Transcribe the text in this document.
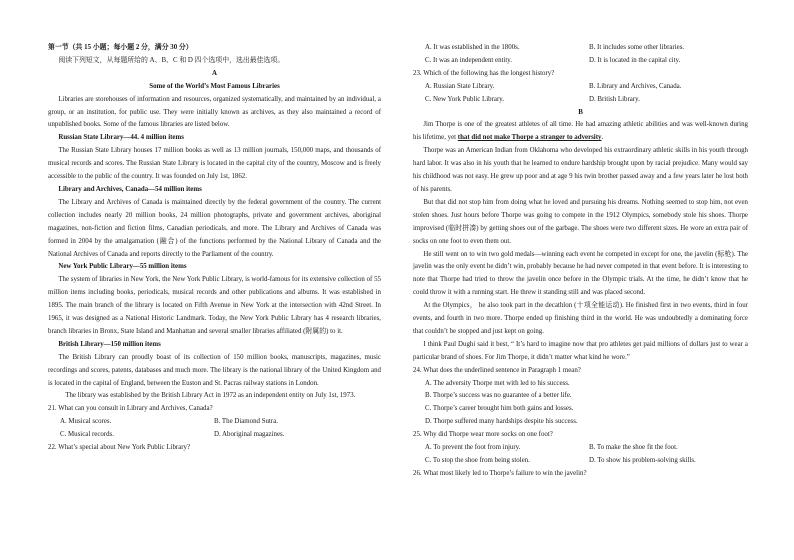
第一节（共 15 小题；每小题 2 分，满分 30 分）

阅读下列短文，从每题所给的 A、B、C 和 D 四个选项中，选出最佳选项。

A

Some of the World’s Most Famous Libraries

Libraries are storehouses of information and resources, organized systematically, and maintained by an individual, a group, or an institution, for public use. They were initially known as archives, as they also maintained a record of unpublished books. Some of the famous libraries are listed below.

Russian State Library—44. 4 million items

The Russian State Library houses 17 million books as well as 13 million journals, 150,000 maps, and thousands of musical records and scores. The Russian State Library is located in the capital city of the country, Moscow and is freely accessible to the public of the country. It was founded on July 1st, 1862.

Library and Archives, Canada—54 million items

The Library and Archives of Canada is maintained directly by the federal government of the country. The current collection includes nearly 20 million books, 24 million photographs, private and government archives, aboriginal magazines, non-fiction and fiction films, Canadian periodicals, and more. The Library and Archives of Canada was formed in 2004 by the amalgamation (融合) of the functions performed by the National Library of Canada and the National Archives of Canada and reports directly to the Parliament of the country.

New York Public Library—55 million items

The system of libraries in New York, the New York Public Library, is world-famous for its extensive collection of 55 million items including books, periodicals, musical records and other publications and albums. It was established in 1895. The main branch of the library is located on Fifth Avenue in New York at the intersection with 42nd Street. In 1965, it was designed as a National Historic Landmark. Today, the New York Public Library has 4 research libraries, branch libraries in Bronx, State Island and Manhattan and several smaller libraries affiliated (附属的) to it.

British Library—150 million items

The British Library can proudly boast of its collection of 150 million books, manuscripts, magazines, music recordings and scores, patents, databases and much more. The library is the national library of the United Kingdom and is located in the capital of England, between the Euston and St. Pacras railway stations in London.

The library was established by the British Library Act in 1972 as an independent entity on July 1st, 1973.

21. What can you consult in Library and Archives, Canada?

A. Musical scores.	B. The Diamond Sutra.
C. Musical records.	D. Aboriginal magazines.

22. What’s special about New York Public Library?

A. It was established in the 1800s.	B. It includes some other libraries.
C. It was an independent entity.	D. It is located in the capital city.

23. Which of the following has the longest history?

A. Russian State Library.	B. Library and Archives, Canada.
C. New York Public Library.	D. British Library.

B

Jim Thorpe is one of the greatest athletes of all time. He had amazing athletic abilities and was well-known during his lifetime, yet that did not make Thorpe a stranger to adversity.

Thorpe was an American Indian from Oklahoma who developed his extraordinary athletic skills in his youth through hard labor. It was also in his youth that he learned to endure hardship brought upon by racial prejudice. Many would say his childhood was not easy. He grew up poor and at age 9 his twin brother passed away and a few years later he lost both of his parents.

But that did not stop him from doing what he loved and pursuing his dreams. Nothing seemed to stop him, not even stolen shoes. Just hours before Thorpe was going to compete in the 1912 Olympics, somebody stole his shoes. Thorpe improvised (临时拼凑) by getting shoes out of the garbage. The shoes were two different sizes. He wore an extra pair of socks on one foot to even them out.

He still went on to win two gold medals—winning each event he competed in except for one, the javelin (标枪). The javelin was the only event he didn’t win, probably because he had never competed in that event before. It is interesting to note that Thorpe had tried to throw the javelin once before in the Olympic trials. At the time, he didn’t know that he could throw it with a running start. He threw it standing still and was placed second.

At the Olympics， he also took part in the decathlon (十项全能运动). He finished first in two events, third in four events, and fourth in two more. Thorpe ended up finishing third in the world. He was undoubtedly a dominating force that couldn’t be stopped and just kept on going.

I think Paul Dughi said it best, “ It’s hard to imagine now that pro athletes get paid millions of dollars just to wear a particular brand of shoes. For Jim Thorpe, it didn’t matter what kind he wore.”

24. What does the underlined sentence in Paragraph 1 mean?

A. The adversity Thorpe met with led to his success.

B. Thorpe’s success was no guarantee of a better life.

C. Thorpe’s career brought him both gains and losses.

D. Thorpe suffered many hardships despite his success.

25. Why did Thorpe wear more socks on one foot?

A. To prevent the foot from injury.	B. To make the shoe fit the foot.
C. To stop the shoe from being stolen.	D. To show his problem-solving skills.

26. What most likely led to Thorpe’s failure to win the javelin?
